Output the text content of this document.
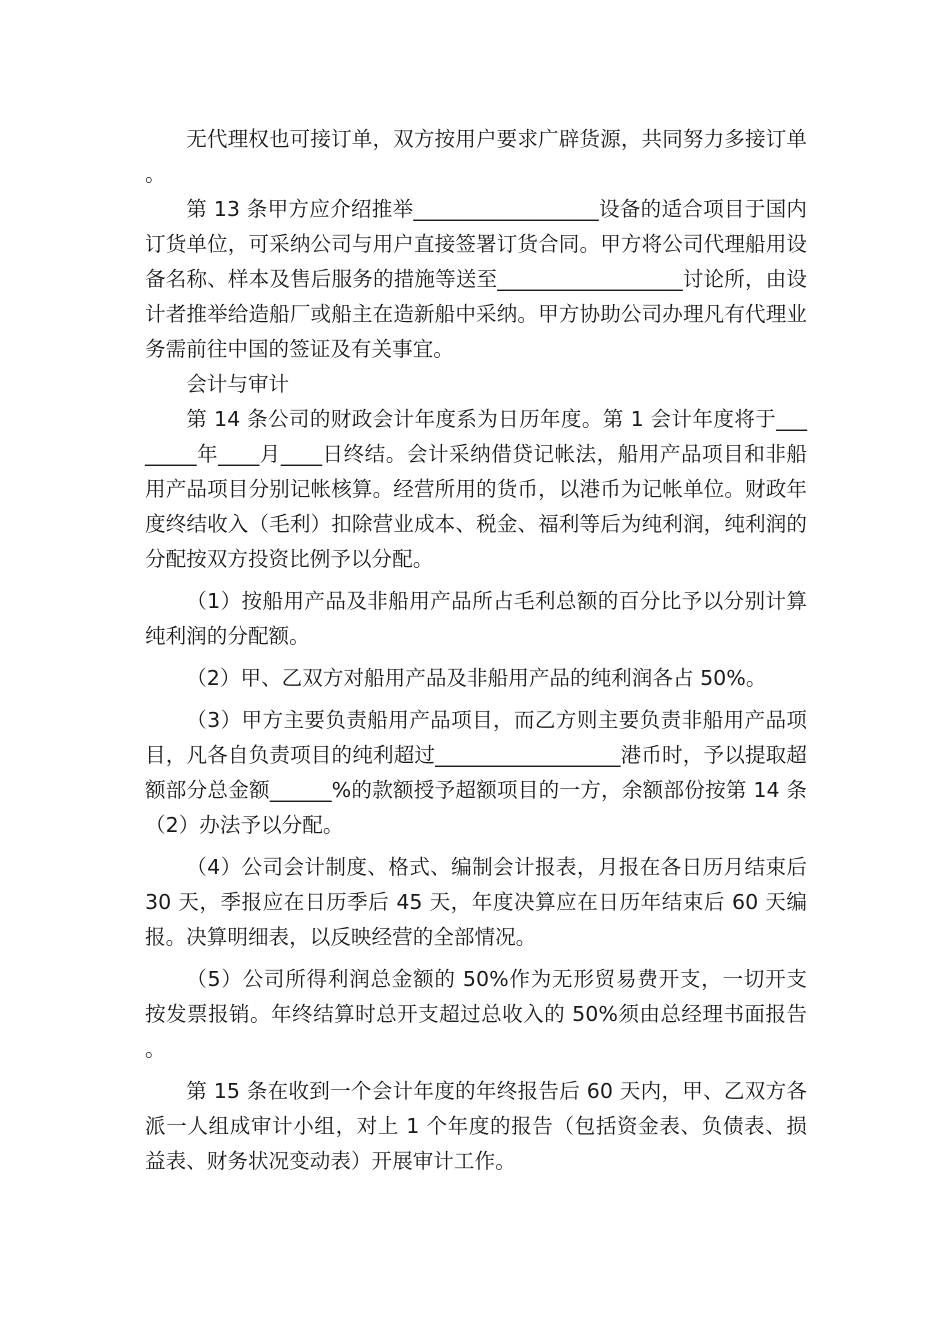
无代理权也可接订单，双方按用户要求广辟货源，共同努力多接订单。

第 13 条甲方应介绍推举__________________设备的适合项目于国内订货单位，可采纳公司与用户直接签署订货合同。甲方将公司代理船用设备名称、样本及售后服务的措施等送至__________________讨论所，由设计者推举给造船厂或船主在造新船中采纳。甲方协助公司办理凡有代理业务需前往中国的签证及有关事宜。

会计与审计

第 14 条公司的财政会计年度系为日历年度。第 1 会计年度将于________年____月____日终结。会计采纳借贷记帐法，船用产品项目和非船用产品项目分别记帐核算。经营所用的货币，以港币为记帐单位。财政年度终结收入（毛利）扣除营业成本、税金、福利等后为纯利润，纯利润的分配按双方投资比例予以分配。

（1）按船用产品及非船用产品所占毛利总额的百分比予以分别计算纯利润的分配额。

（2）甲、乙双方对船用产品及非船用产品的纯利润各占 50%。

（3）甲方主要负责船用产品项目，而乙方则主要负责非船用产品项目，凡各自负责项目的纯利超过__________________港币时，予以提取超额部分总金额______%的款额授予超额项目的一方，余额部份按第 14 条（2）办法予以分配。

（4）公司会计制度、格式、编制会计报表，月报在各日历月结束后 30 天，季报应在日历季后 45 天，年度决算应在日历年结束后 60 天编报。决算明细表，以反映经营的全部情况。

（5）公司所得利润总金额的 50%作为无形贸易费开支，一切开支按发票报销。年终结算时总开支超过总收入的 50%须由总经理书面报告。

第 15 条在收到一个会计年度的年终报告后 60 天内，甲、乙双方各派一人组成审计小组，对上 1 个年度的报告（包括资金表、负债表、损益表、财务状况变动表）开展审计工作。
